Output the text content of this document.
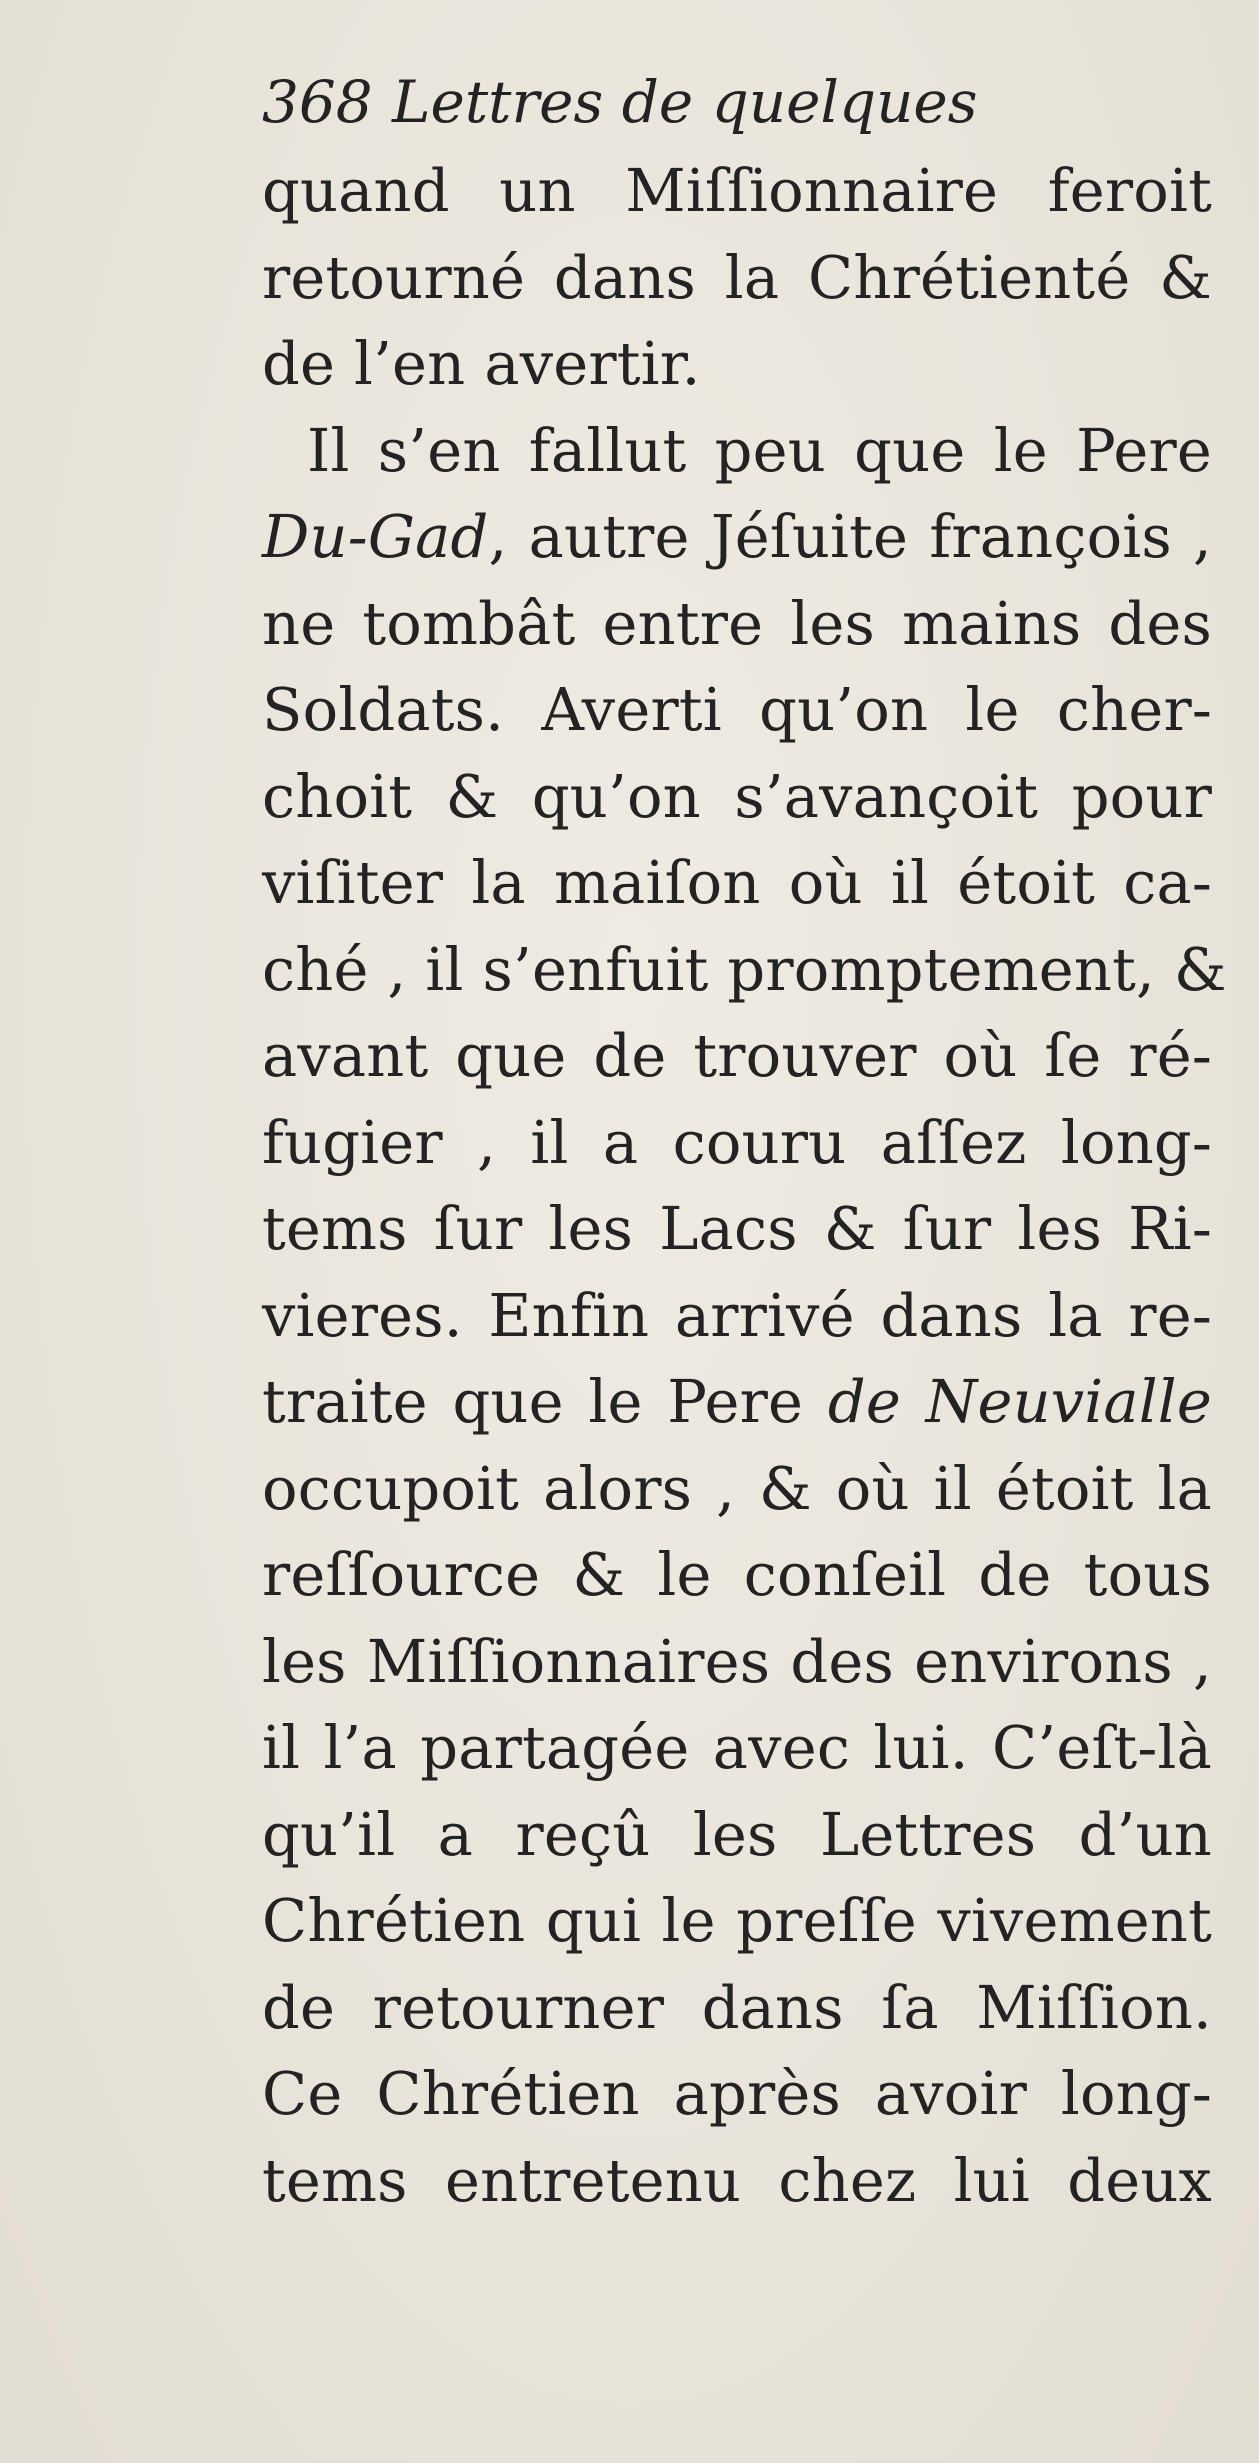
368 Lettres de quelques
quand un Miſſionnaire feroit
retourné dans la Chrétienté &
de l’en avertir.
Il s’en fallut peu que le Pere
Du-Gad, autre Jéſuite françois ,
ne tombât entre les mains des
Soldats. Averti qu’on le cher-
choit & qu’on s’avançoit pour
viſiter la maiſon où il étoit ca-
ché , il s’enfuit promptement, &
avant que de trouver où ſe ré-
fugier , il a couru aſſez long-
tems ſur les Lacs & ſur les Ri-
vieres. Enfin arrivé dans la re-
traite que le Pere de Neuvialle
occupoit alors , & où il étoit la
reſſource & le conſeil de tous
les Miſſionnaires des environs ,
il l’a partagée avec lui. C’eſt-là
qu’il a reçû les Lettres d’un
Chrétien qui le preſſe vivement
de retourner dans ſa Miſſion.
Ce Chrétien après avoir long-
tems entretenu chez lui deux
